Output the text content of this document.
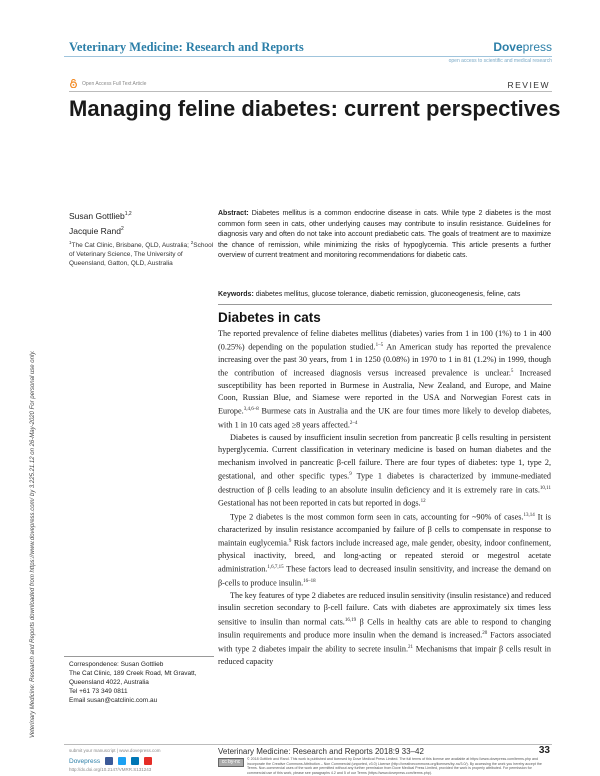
Veterinary Medicine: Research and Reports	Dovepress
open access to scientific and medical research
Open Access Full Text Article	REVIEW
Managing feline diabetes: current perspectives
Veterinary Medicine: Research and Reports downloaded from https://www.dovepress.com/ by 3.225.21.12 on 26-May-2020 For personal use only.
Susan Gottlieb$^{1,2}$
Jacquie Rand$^2$
$^1$The Cat Clinic, Brisbane, QLD, Australia; $^2$School of Veterinary Science, The University of Queensland, Gatton, QLD, Australia
Abstract: Diabetes mellitus is a common endocrine disease in cats. While type 2 diabetes is the most common form seen in cats, other underlying causes may contribute to insulin resistance. Guidelines for diagnosis vary and often do not take into account prediabetic cats. The goals of treatment are to maximize the chance of remission, while minimizing the risks of hypoglycemia. This article presents a further overview of current treatment and monitoring recommendations for diabetic cats.
Keywords: diabetes mellitus, glucose tolerance, diabetic remission, gluconeogenesis, feline, cats
Diabetes in cats

The reported prevalence of feline diabetes mellitus (diabetes) varies from 1 in 100 (1%) to 1 in 400 (0.25%) depending on the population studied.$^{1-5}$ An American study has reported the prevalence increasing over the past 30 years, from 1 in 1250 (0.08%) in 1970 to 1 in 81 (1.2%) in 1999, though the contribution of increased diagnosis versus increased prevalence is unclear.$^5$ Increased susceptibility has been reported in Burmese in Australia, New Zealand, and Europe, and Maine Coon, Russian Blue, and Siamese were reported in the USA and Norwegian Forest cats in Europe.$^{3,4,6-8}$ Burmese cats in Australia and the UK are four times more likely to develop diabetes, with 1 in 10 cats aged ≥8 years affected.$^{2-4}$

Diabetes is caused by insufficient insulin secretion from pancreatic β cells resulting in persistent hyperglycemia. Current classification in veterinary medicine is based on human diabetes and the mechanism involved in pancreatic β-cell failure. There are four types of diabetes: type 1, type 2, gestational, and other specific types.$^9$ Type 1 diabetes is characterized by immune-mediated destruction of β cells leading to an absolute insulin deficiency and it is extremely rare in cats.$^{10,11}$ Gestational has not been reported in cats but reported in dogs.$^{12}$

Type 2 diabetes is the most common form seen in cats, accounting for ~90% of cases.$^{13,14}$ It is characterized by insulin resistance accompanied by failure of β cells to compensate in response to maintain euglycemia.$^9$ Risk factors include increased age, male gender, obesity, indoor confinement, physical inactivity, breed, and long-acting or repeated steroid or megestrol acetate administration.$^{1,6,7,15}$ These factors lead to decreased insulin sensitivity, and increase the demand on β-cells to produce insulin.$^{16-18}$

The key features of type 2 diabetes are reduced insulin sensitivity (insulin resistance) and reduced insulin secretion secondary to β-cell failure. Cats with diabetes are approximately six times less sensitive to insulin than normal cats.$^{16,19}$ β Cells in healthy cats are able to respond to changing insulin requirements and produce more insulin when the demand is increased.$^{20}$ Factors associated with type 2 diabetes impair the ability to secrete insulin.$^{21}$ Mechanisms that impair β cells result in reduced capacity

Correspondence: Susan Gottlieb
The Cat Clinic, 189 Creek Road, Mt Gravatt, Queensland 4022, Australia
Tel +61 73 349 0811
Email susan@catclinic.com.au
submit your manuscript | www.dovepress.com
Dovepress
http://dx.doi.org/10.2147/VMRR.S131243
Veterinary Medicine: Research and Reports 2018:9 33–42	33
cc by-nc	© 2018 Gottlieb and Rand. This work is published and licensed by Dove Medical Press Limited. The full terms of this license are available at https://www.dovepress.com/terms.php and incorporate the Creative Commons Attribution – Non Commercial (unported, v3.0) License (http://creativecommons.org/licenses/by-nc/3.0/). By accessing the work you hereby accept the Terms. Non-commercial uses of the work are permitted without any further permission from Dove Medical Press Limited, provided the work is properly attributed. For permission for commercial use of this work, please see paragraphs 4.2 and 5 of our Terms (https://www.dovepress.com/terms.php).
